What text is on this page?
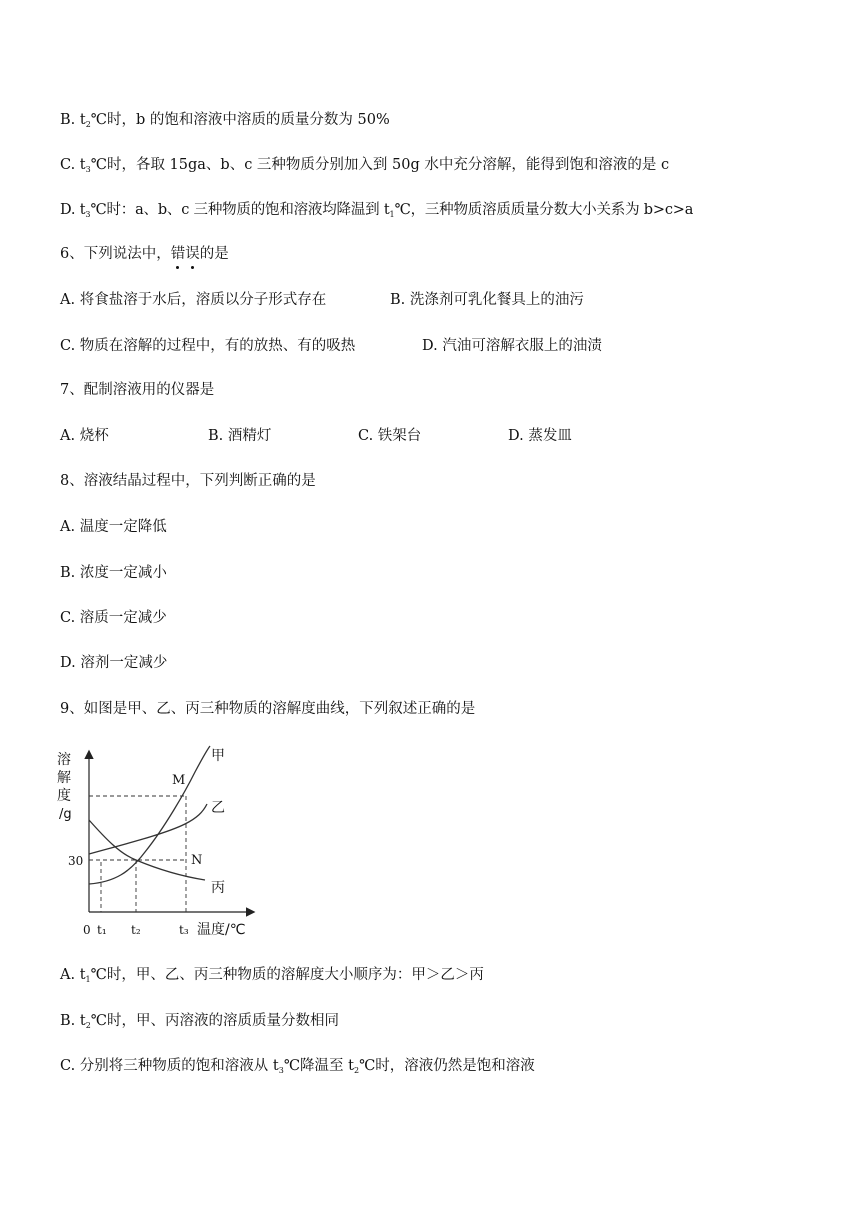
B. $t_2℃$时，b 的饱和溶液中溶质的质量分数为 50%
C. $t_3℃$时，各取 15ga、b、c 三种物质分别加入到 50g 水中充分溶解，能得到饱和溶液的是 c
D. $t_3℃$时：a、b、c 三种物质的饱和溶液均降温到 $t_1℃$，三种物质溶质质量分数大小关系为 b>c>a
6、下列说法中，错误的是
A. 将食盐溶于水后，溶质以分子形式存在	B. 洗涤剂可乳化餐具上的油污
C. 物质在溶解的过程中，有的放热、有的吸热	D. 汽油可溶解衣服上的油渍
7、配制溶液用的仪器是
A. 烧杯	B. 酒精灯	C. 铁架台	D. 蒸发皿
8、溶液结晶过程中，下列判断正确的是
A. 温度一定降低
B. 浓度一定减小
C. 溶质一定减少
D. 溶剂一定减少
9、如图是甲、乙、丙三种物质的溶解度曲线，下列叙述正确的是
溶
解
度
/g
30
0 t₁ t₂	t₃ 温度/℃
甲
乙
丙
M
N
A. $t_1℃$时，甲、乙、丙三种物质的溶解度大小顺序为：甲＞乙＞丙
B. $t_2℃$时，甲、丙溶液的溶质质量分数相同
C. 分别将三种物质的饱和溶液从 $t_3℃$降温至 $t_2℃$时，溶液仍然是饱和溶液
